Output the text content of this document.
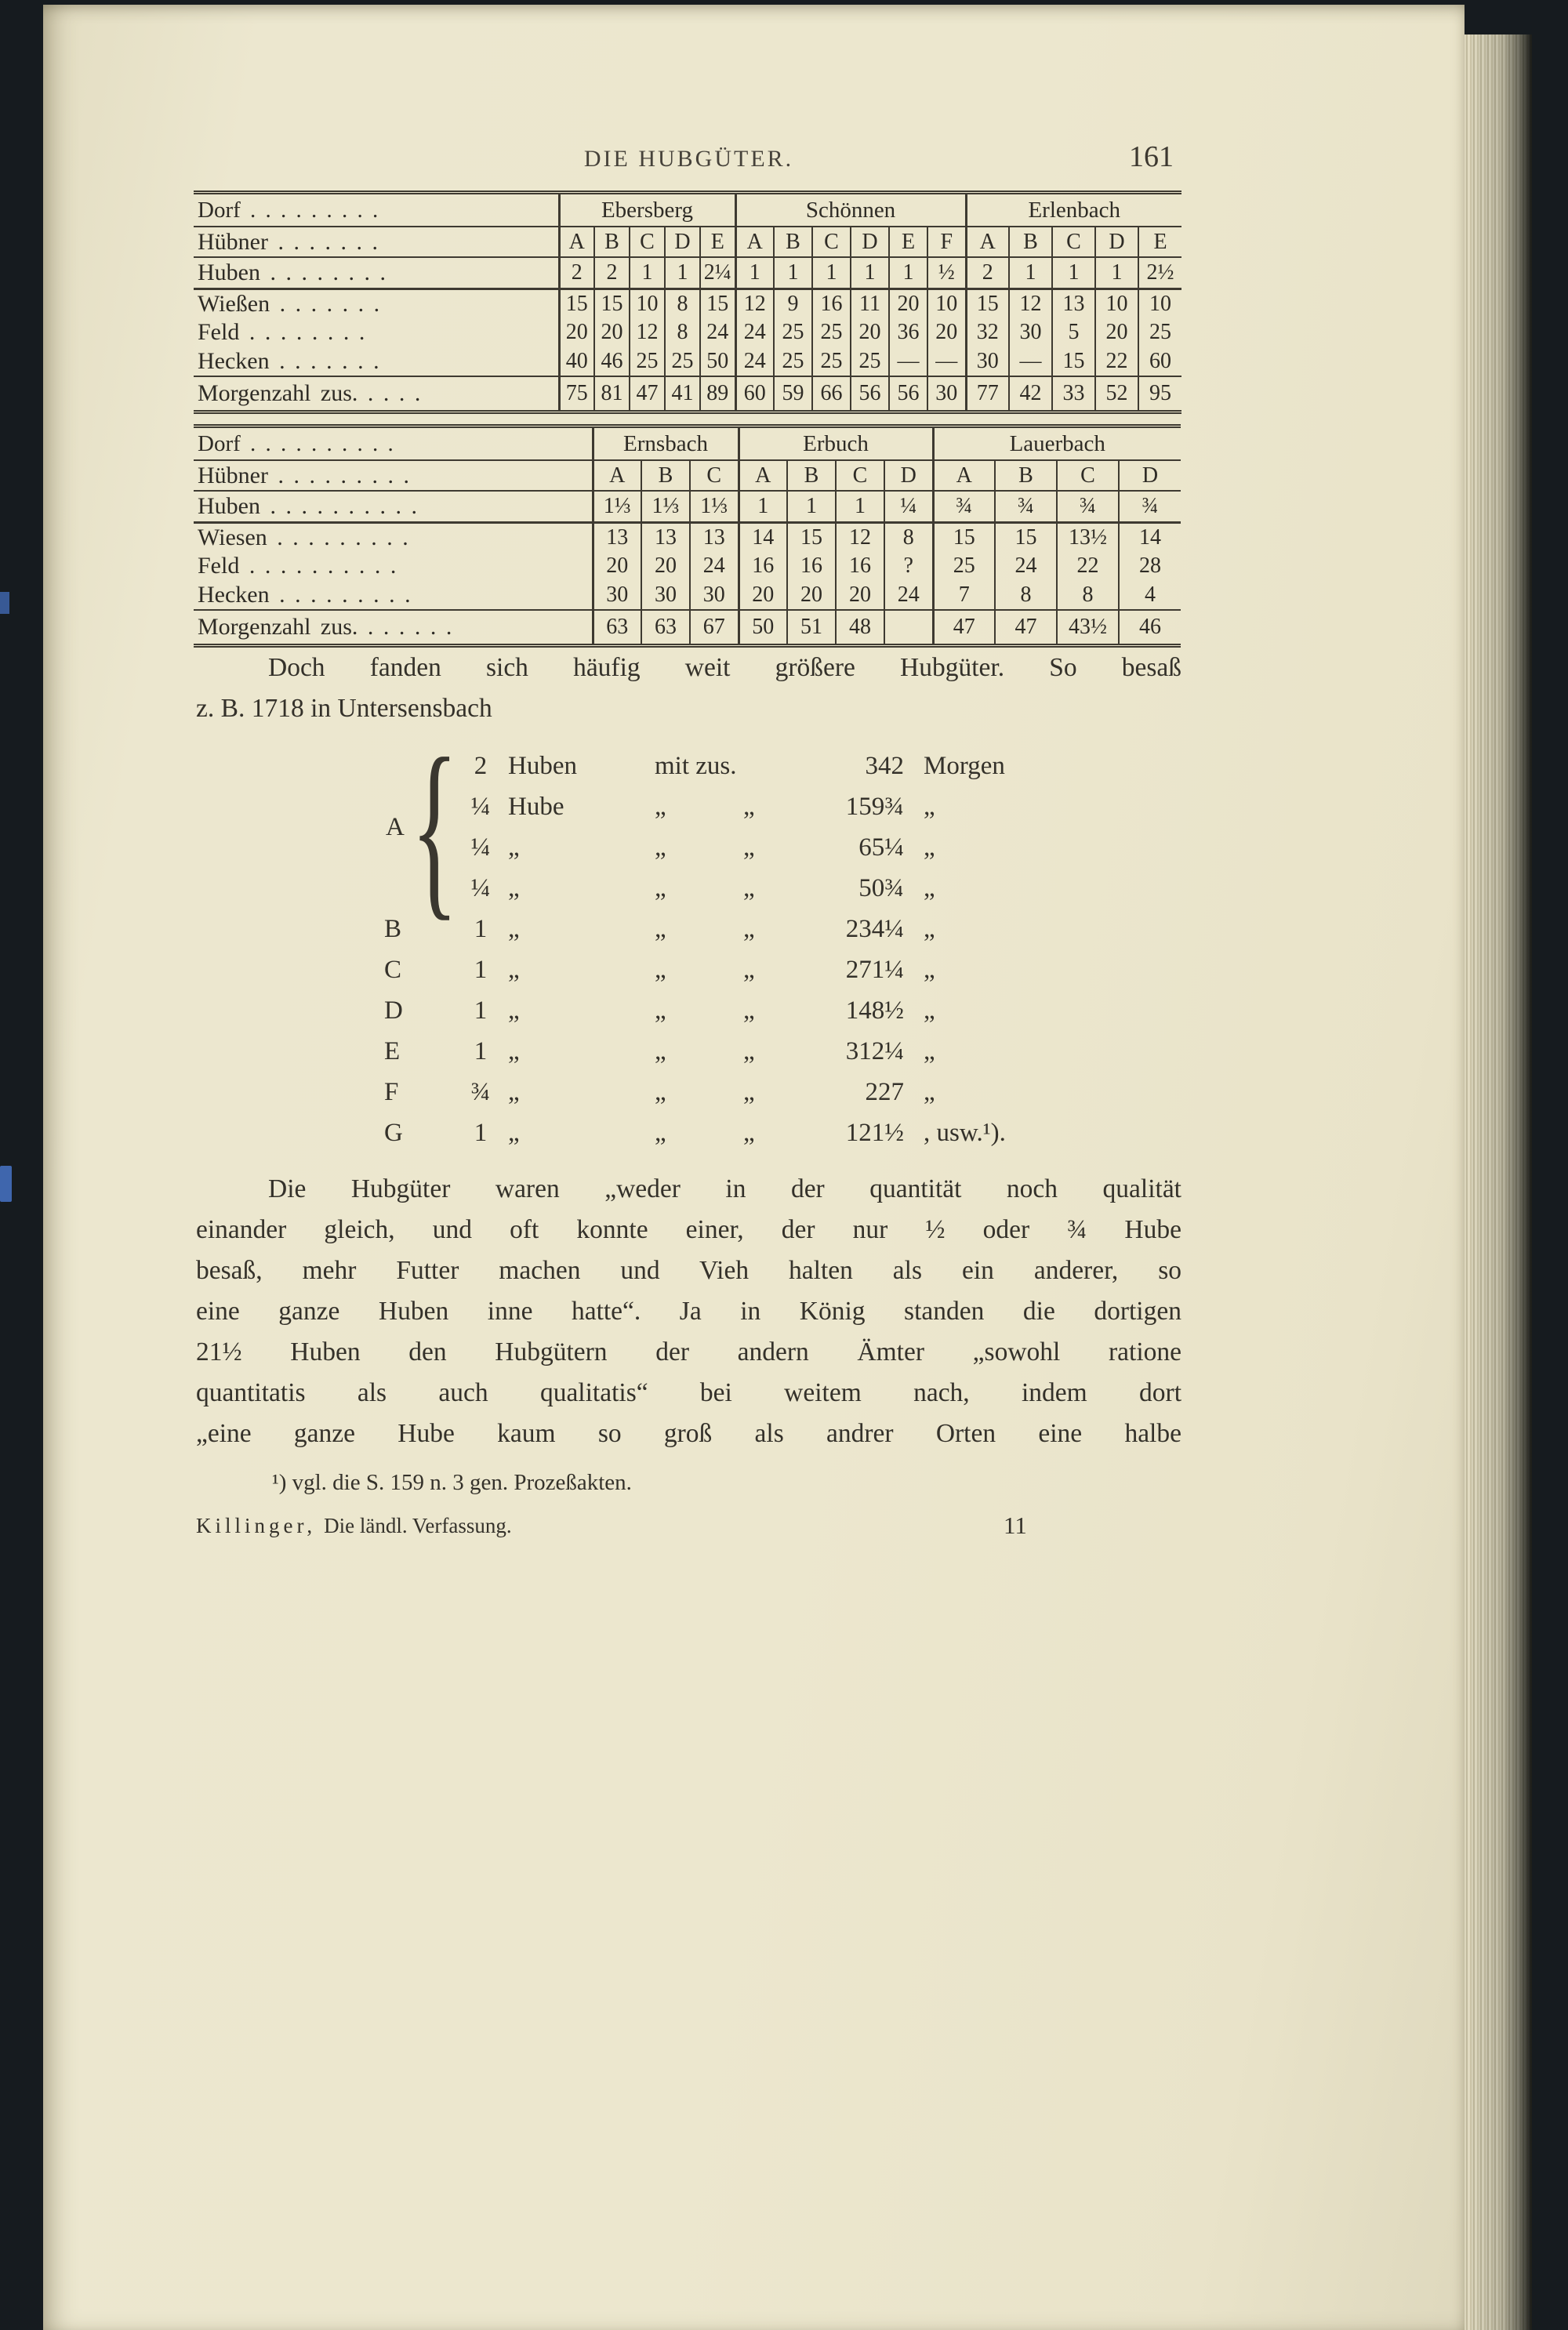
DIE HUBGÜTER.	161
Dorf . . . . . . . . .	Ebersberg					Schönnen						Erlenbach				
Hübner . . . . . . .	A	B	C	D	E	A	B	C	D	E	F	A	B	C	D	E
Huben . . . . . . . .	2	2	1	1	2¼	1	1	1	1	1	½	2	1	1	1	2½
Wießen . . . . . . .	15	15	10	8	15	12	9	16	11	20	10	15	12	13	10	10
Feld . . . . . . . .	20	20	12	8	24	24	25	25	20	36	20	32	30	5	20	25
Hecken . . . . . . .	40	46	25	25	50	24	25	25	25	—	—	30	—	15	22	60
Morgenzahl zus. . . . .	75	81	47	41	89	60	59	66	56	56	30	77	42	33	52	95
Dorf . . . . . . . . . .	Ernsbach			Erbuch				Lauerbach			
Hübner . . . . . . . . .	A	B	C	A	B	C	D	A	B	C	D
Huben . . . . . . . . . .	1⅓	1⅓	1⅓	1	1	1	¼	¾	¾	¾	¾
Wiesen . . . . . . . . .	13	13	13	14	15	12	8	15	15	13½	14
Feld . . . . . . . . . .	20	20	24	16	16	16	?	25	24	22	28
Hecken . . . . . . . . .	30	30	30	20	20	20	24	7	8	8	4
Morgenzahl zus. . . . . . .	63	63	67	50	51	48		47	47	43½	46
Doch fanden sich häufig weit größere Hubgüter. So besaß
z. B. 1718 in Untersensbach
{
A
2 Huben	mit zus.	342 Morgen
¼ Hube	„	„	159¾ „
¼ „	„	„	65¼ „
¼ „	„	„	50¾ „
B	1 „	„	„	234¼ „
C	1 „	„	„	271¼ „
D	1 „	„	„	148½ „
E	1 „	„	„	312¼ „
F	¾ „	„	„	227 „
G	1 „	„	„	121½ , usw.¹).
Die Hubgüter waren „weder in der quantität noch qualität
einander gleich, und oft konnte einer, der nur ½ oder ¾ Hube
besaß, mehr Futter machen und Vieh halten als ein anderer, so
eine ganze Huben inne hatte“. Ja in König standen die dortigen
21½ Huben den Hubgütern der andern Ämter „sowohl ratione
quantitatis als auch qualitatis“ bei weitem nach, indem dort
„eine ganze Hube kaum so groß als andrer Orten eine halbe
¹) vgl. die S. 159 n. 3 gen. Prozeßakten.
Killinger, Die ländl. Verfassung.	11
